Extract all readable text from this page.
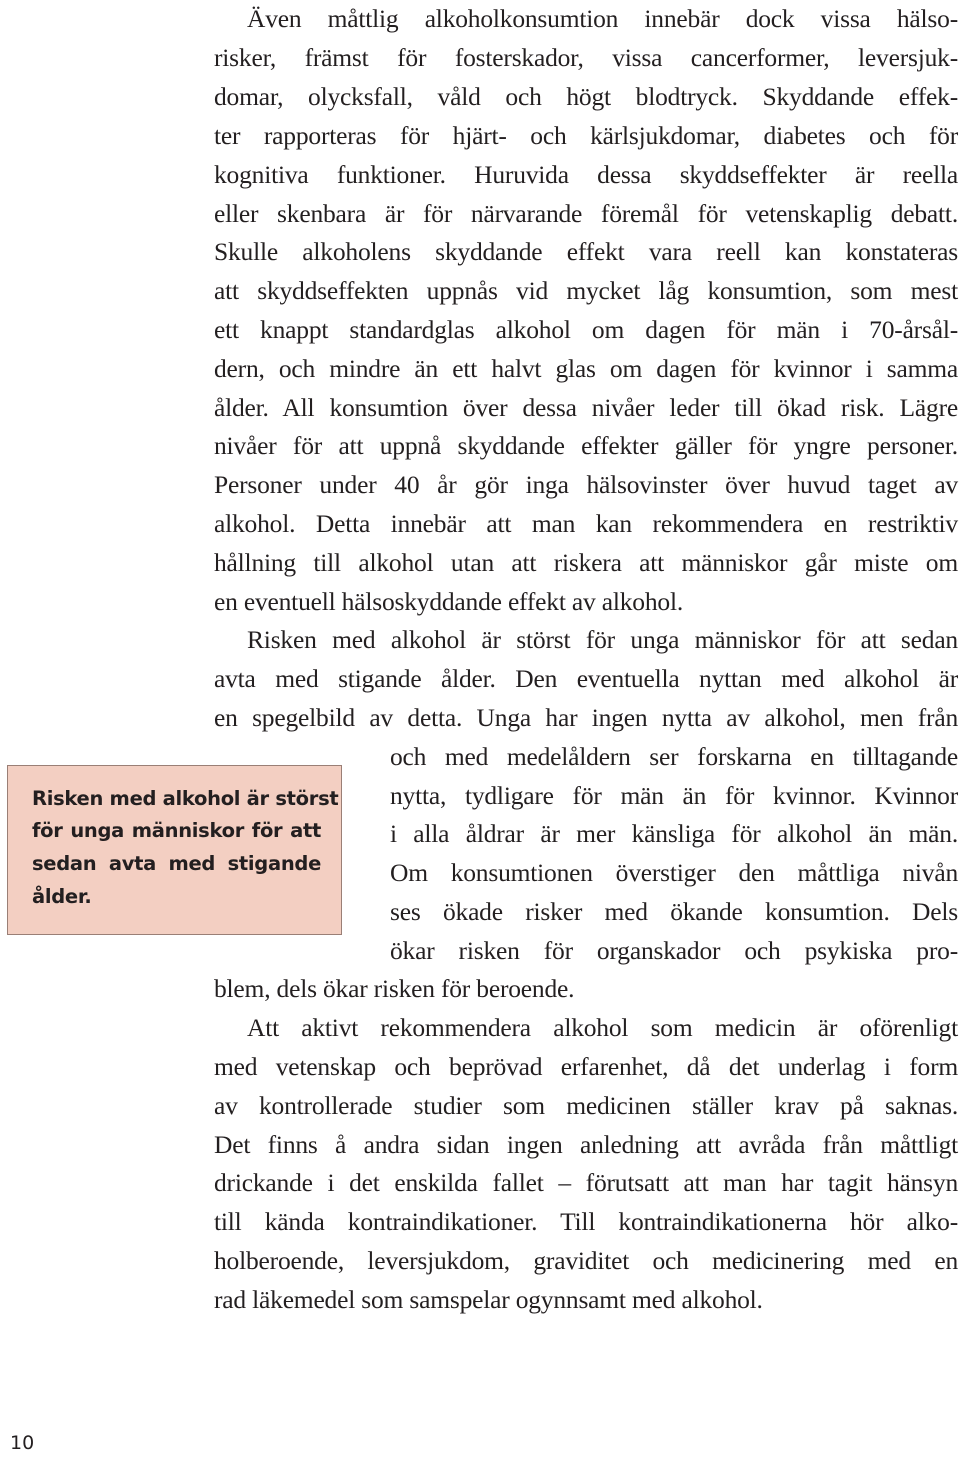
Även måttlig alkoholkonsumtion innebär dock vissa hälso-
risker, främst för fosterskador, vissa cancerformer, leversjuk-
domar, olycksfall, våld och högt blodtryck. Skyddande effek-
ter rapporteras för hjärt- och kärlsjukdomar, diabetes och för
kognitiva funktioner. Huruvida dessa skyddseffekter är reella
eller skenbara är för närvarande föremål för vetenskaplig debatt.
Skulle alkoholens skyddande effekt vara reell kan konstateras
att skyddseffekten uppnås vid mycket låg konsumtion, som mest
ett knappt standardglas alkohol om dagen för män i 70-årsål-
dern, och mindre än ett halvt glas om dagen för kvinnor i samma
ålder. All konsumtion över dessa nivåer leder till ökad risk. Lägre
nivåer för att uppnå skyddande effekter gäller för yngre personer.
Personer under 40 år gör inga hälsovinster över huvud taget av
alkohol. Detta innebär att man kan rekommendera en restriktiv
hållning till alkohol utan att riskera att människor går miste om
en eventuell hälsoskyddande effekt av alkohol.
Risken med alkohol är störst för unga människor för att sedan
avta med stigande ålder. Den eventuella nyttan med alkohol är
en spegelbild av detta. Unga har ingen nytta av alkohol, men från
och med medelåldern ser forskarna en tilltagande
nytta, tydligare för män än för kvinnor. Kvinnor
i alla åldrar är mer känsliga för alkohol än män.
Om konsumtionen överstiger den måttliga nivån
ses ökade risker med ökande konsumtion. Dels
ökar risken för organskador och psykiska pro-
blem, dels ökar risken för beroende.
Att aktivt rekommendera alkohol som medicin är oförenligt
med vetenskap och beprövad erfarenhet, då det underlag i form
av kontrollerade studier som medicinen ställer krav på saknas.
Det finns å andra sidan ingen anledning att avråda från måttligt
drickande i det enskilda fallet – förutsatt att man har tagit hänsyn
till kända kontraindikationer. Till kontraindikationerna hör alko-
holberoende, leversjukdom, graviditet och medicinering med en
rad läkemedel som samspelar ogynnsamt med alkohol.
Risken med alkohol är störst
för unga människor för att
sedan avta med stigande
ålder.
10
